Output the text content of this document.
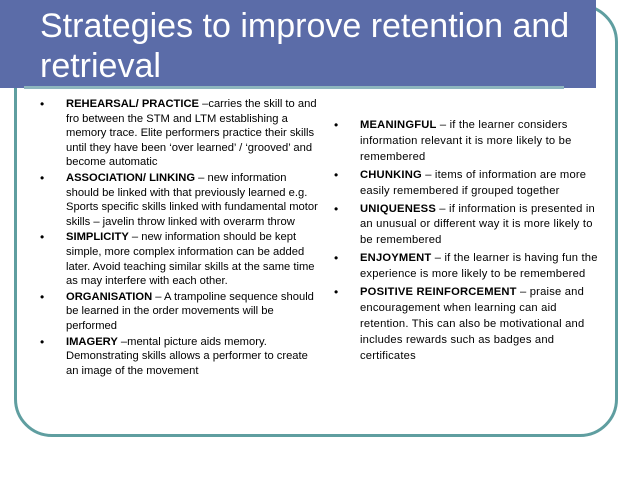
Strategies to improve retention and retrieval
• REHEARSAL/ PRACTICE –carries the skill to and fro between the STM and LTM establishing a memory trace. Elite performers practice their skills until they have been ‘over learned’ / ‘grooved’ and become automatic
• ASSOCIATION/ LINKING – new information should be linked with that previously learned e.g. Sports specific skills linked with fundamental motor skills – javelin throw linked with overarm throw
• SIMPLICITY – new information should be kept simple, more complex information can be added later. Avoid teaching similar skills at the same time as may interfere with each other.
• ORGANISATION – A trampoline sequence should be learned in the order movements will be performed
• IMAGERY –mental picture aids memory. Demonstrating skills allows a performer to create an image of the movement
• MEANINGFUL – if the learner considers information relevant it is more likely to be remembered
• CHUNKING – items of information are more easily remembered if grouped together
• UNIQUENESS – if information is presented in an unusual or different way it is more likely to be remembered
• ENJOYMENT – if the learner is having fun the experience is more likely to be remembered
• POSITIVE REINFORCEMENT – praise and encouragement when learning can aid retention. This can also be motivational and includes rewards such as badges and certificates
